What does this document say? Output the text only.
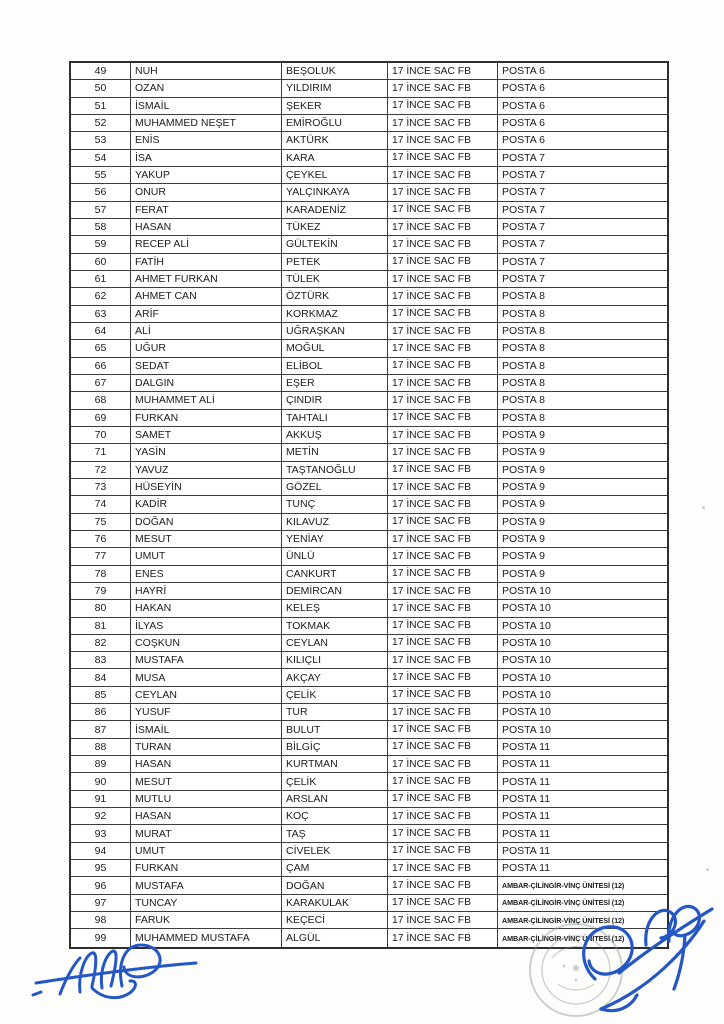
49	NUH	BEŞOLUK	17 İNCE SAC FB	POSTA 6
50	OZAN	YILDIRIM	17 İNCE SAC FB	POSTA 6
51	İSMAİL	ŞEKER	17 İNCE SAC FB	POSTA 6
52	MUHAMMED NEŞET	EMİROĞLU	17 İNCE SAC FB	POSTA 6
53	ENİS	AKTÜRK	17 İNCE SAC FB	POSTA 6
54	İSA	KARA	17 İNCE SAC FB	POSTA 7
55	YAKUP	ÇEYKEL	17 İNCE SAC FB	POSTA 7
56	ONUR	YALÇINKAYA	17 İNCE SAC FB	POSTA 7
57	FERAT	KARADENİZ	17 İNCE SAC FB	POSTA 7
58	HASAN	TÜKEZ	17 İNCE SAC FB	POSTA 7
59	RECEP ALİ	GÜLTEKİN	17 İNCE SAC FB	POSTA 7
60	FATİH	PETEK	17 İNCE SAC FB	POSTA 7
61	AHMET FURKAN	TÜLEK	17 İNCE SAC FB	POSTA 7
62	AHMET CAN	ÖZTÜRK	17 İNCE SAC FB	POSTA 8
63	ARİF	KORKMAZ	17 İNCE SAC FB	POSTA 8
64	ALİ	UĞRAŞKAN	17 İNCE SAC FB	POSTA 8
65	UĞUR	MOĞUL	17 İNCE SAC FB	POSTA 8
66	SEDAT	ELİBOL	17 İNCE SAC FB	POSTA 8
67	DALGIN	EŞER	17 İNCE SAC FB	POSTA 8
68	MUHAMMET ALİ	ÇINDIR	17 İNCE SAC FB	POSTA 8
69	FURKAN	TAHTALI	17 İNCE SAC FB	POSTA 8
70	SAMET	AKKUŞ	17 İNCE SAC FB	POSTA 9
71	YASİN	METİN	17 İNCE SAC FB	POSTA 9
72	YAVUZ	TAŞTANOĞLU	17 İNCE SAC FB	POSTA 9
73	HÜSEYİN	GÖZEL	17 İNCE SAC FB	POSTA 9
74	KADİR	TUNÇ	17 İNCE SAC FB	POSTA 9
75	DOĞAN	KILAVUZ	17 İNCE SAC FB	POSTA 9
76	MESUT	YENİAY	17 İNCE SAC FB	POSTA 9
77	UMUT	ÜNLÜ	17 İNCE SAC FB	POSTA 9
78	ENES	CANKURT	17 İNCE SAC FB	POSTA 9
79	HAYRİ	DEMİRCAN	17 İNCE SAC FB	POSTA 10
80	HAKAN	KELEŞ	17 İNCE SAC FB	POSTA 10
81	İLYAS	TOKMAK	17 İNCE SAC FB	POSTA 10
82	COŞKUN	CEYLAN	17 İNCE SAC FB	POSTA 10
83	MUSTAFA	KILIÇLI	17 İNCE SAC FB	POSTA 10
84	MUSA	AKÇAY	17 İNCE SAC FB	POSTA 10
85	CEYLAN	ÇELİK	17 İNCE SAC FB	POSTA 10
86	YUSUF	TUR	17 İNCE SAC FB	POSTA 10
87	İSMAİL	BULUT	17 İNCE SAC FB	POSTA 10
88	TURAN	BİLGİÇ	17 İNCE SAC FB	POSTA 11
89	HASAN	KURTMAN	17 İNCE SAC FB	POSTA 11
90	MESUT	ÇELİK	17 İNCE SAC FB	POSTA 11
91	MUTLU	ARSLAN	17 İNCE SAC FB	POSTA 11
92	HASAN	KOÇ	17 İNCE SAC FB	POSTA 11
93	MURAT	TAŞ	17 İNCE SAC FB	POSTA 11
94	UMUT	CİVELEK	17 İNCE SAC FB	POSTA 11
95	FURKAN	ÇAM	17 İNCE SAC FB	POSTA 11
96	MUSTAFA	DOĞAN	17 İNCE SAC FB	AMBAR-ÇİLİNGİR-VİNÇ ÜNİTESİ (12)
97	TUNCAY	KARAKULAK	17 İNCE SAC FB	AMBAR-ÇİLİNGİR-VİNÇ ÜNİTESİ (12)
98	FARUK	KEÇECİ	17 İNCE SAC FB	AMBAR-ÇİLİNGİR-VİNÇ ÜNİTESİ (12)
99	MUHAMMED MUSTAFA	ALGÜL	17 İNCE SAC FB	AMBAR-ÇİLİNGİR-VİNÇ ÜNİTESİ (12)
